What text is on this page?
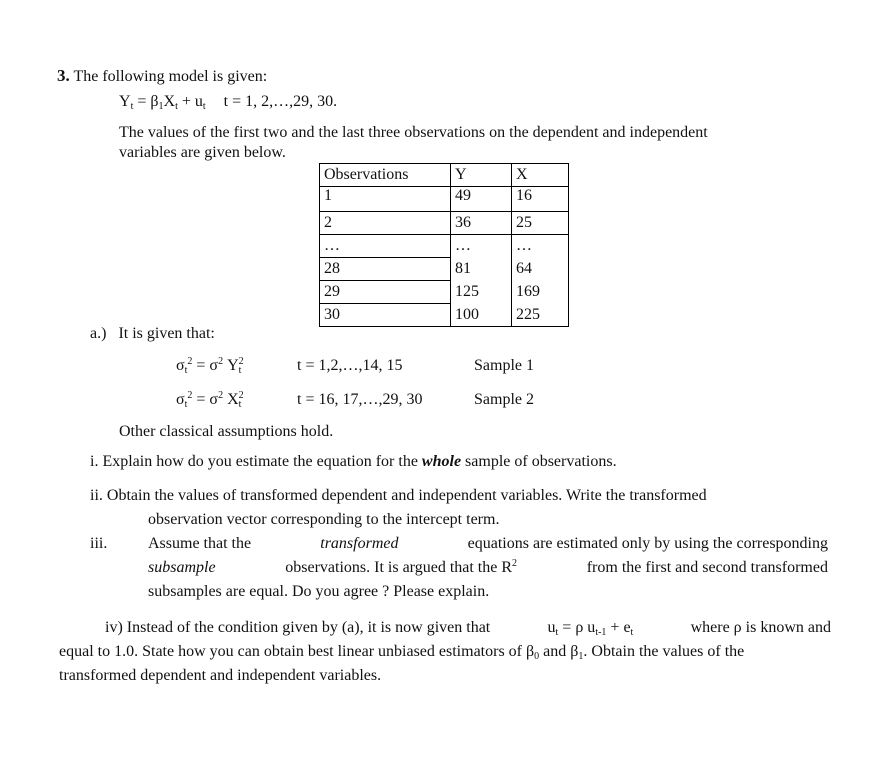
3. The following model is given:
$Y_t = \beta_1X_t + u_t$ t = 1, 2,…,29, 30.
The values of the first two and the last three observations on the dependent and independent
variables are given below.
Observations	Y	X
1	49	16
2	36	25
…	…	…
28	81	64
29	125	169
30	100	225
a.) It is given that:
$\sigma_t^2 = \sigma^2$ $Y^2_t$	t = 1,2,…,14, 15	Sample 1
$\sigma_t^2 = \sigma^2$ $X^2_t$	t = 16, 17,…,29, 30	Sample 2
Other classical assumptions hold.
i. Explain how do you estimate the equation for the whole sample of observations.
ii. Obtain the values of transformed dependent and independent variables. Write the transformed
observation vector corresponding to the intercept term.
iii.	Assume that the	transformed	equations are estimated only by using the corresponding
subsample	observations. It is argued that the $R^2$	from the first and second transformed
subsamples are equal. Do you agree ? Please explain.
iv) Instead of the condition given by (a), it is now given that	$u_t = \rho$ $u_{t-1} + e_t$	where ρ is known and
equal to 1.0. State how you can obtain best linear unbiased estimators of $\beta_0$ and $\beta_1$. Obtain the values of the
transformed dependent and independent variables.
